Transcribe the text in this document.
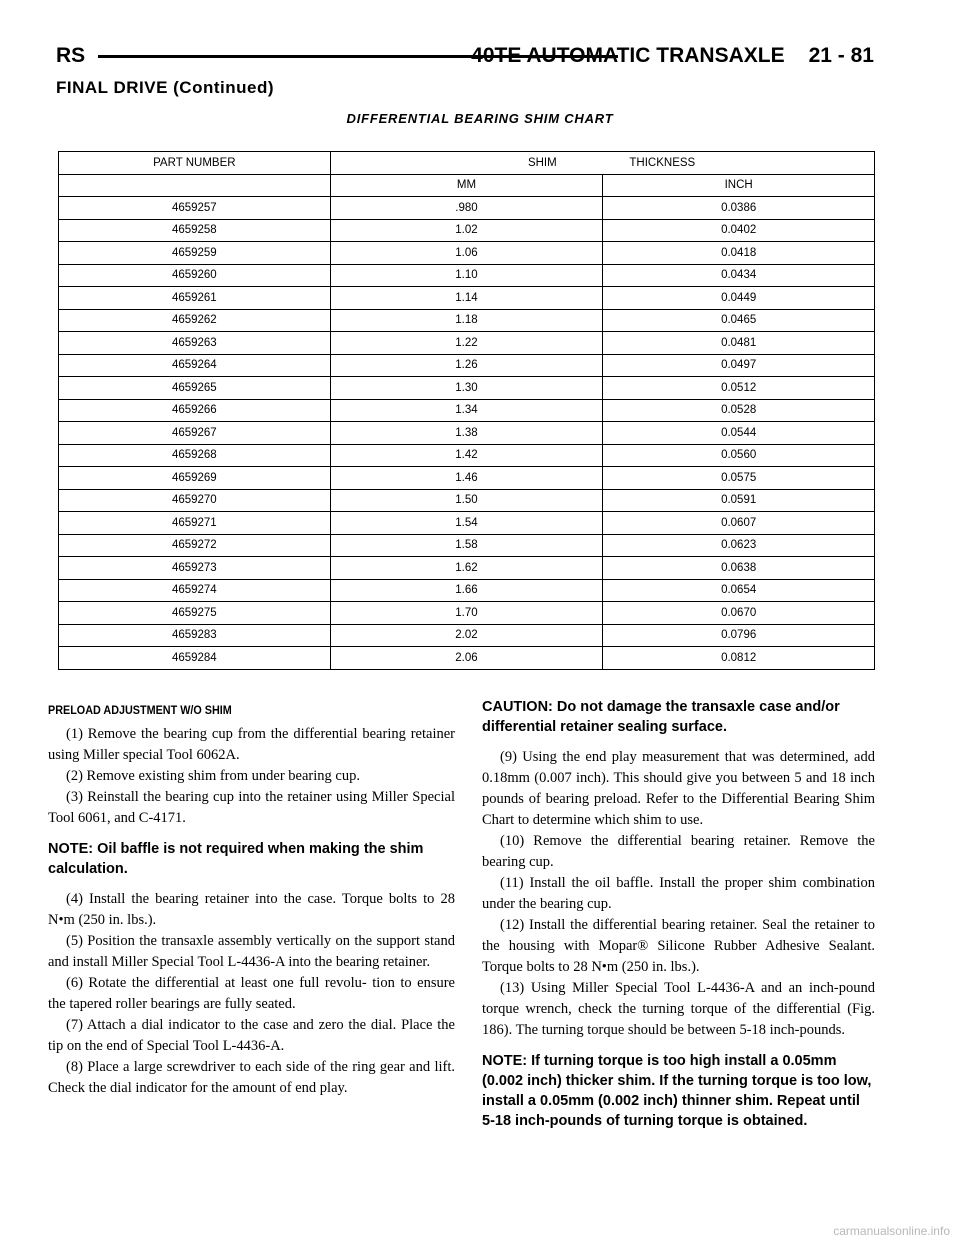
RS	40TE AUTOMATIC TRANSAXLE 21 - 81
FINAL DRIVE (Continued)
DIFFERENTIAL BEARING SHIM CHART
PART NUMBER	SHIM THICKNESS	
	MM	INCH
4659257	.980	0.0386
4659258	1.02	0.0402
4659259	1.06	0.0418
4659260	1.10	0.0434
4659261	1.14	0.0449
4659262	1.18	0.0465
4659263	1.22	0.0481
4659264	1.26	0.0497
4659265	1.30	0.0512
4659266	1.34	0.0528
4659267	1.38	0.0544
4659268	1.42	0.0560
4659269	1.46	0.0575
4659270	1.50	0.0591
4659271	1.54	0.0607
4659272	1.58	0.0623
4659273	1.62	0.0638
4659274	1.66	0.0654
4659275	1.70	0.0670
4659283	2.02	0.0796
4659284	2.06	0.0812
PRELOAD ADJUSTMENT W/O SHIM

(1) Remove the bearing cup from the differential bearing retainer using Miller special Tool 6062A.

(2) Remove existing shim from under bearing cup.

(3) Reinstall the bearing cup into the retainer using Miller Special Tool 6061, and C-4171.

NOTE: Oil baffle is not required when making the shim calculation.

(4) Install the bearing retainer into the case. Torque bolts to 28 N•m (250 in. lbs.).

(5) Position the transaxle assembly vertically on the support stand and install Miller Special Tool L-4436-A into the bearing retainer.

(6) Rotate the differential at least one full revolu- tion to ensure the tapered roller bearings are fully seated.

(7) Attach a dial indicator to the case and zero the dial. Place the tip on the end of Special Tool L-4436-A.

(8) Place a large screwdriver to each side of the ring gear and lift. Check the dial indicator for the amount of end play.

CAUTION: Do not damage the transaxle case and/or differential retainer sealing surface.

(9) Using the end play measurement that was determined, add 0.18mm (0.007 inch). This should give you between 5 and 18 inch pounds of bearing preload. Refer to the Differential Bearing Shim Chart to determine which shim to use.

(10) Remove the differential bearing retainer. Remove the bearing cup.

(11) Install the oil baffle. Install the proper shim combination under the bearing cup.

(12) Install the differential bearing retainer. Seal the retainer to the housing with Mopar® Silicone Rubber Adhesive Sealant. Torque bolts to 28 N•m (250 in. lbs.).

(13) Using Miller Special Tool L-4436-A and an inch-pound torque wrench, check the turning torque of the differential (Fig. 186). The turning torque should be between 5-18 inch-pounds.

NOTE: If turning torque is too high install a 0.05mm (0.002 inch) thicker shim. If the turning torque is too low, install a 0.05mm (0.002 inch) thinner shim. Repeat until 5-18 inch-pounds of turning torque is obtained.

carmanualsonline.info
